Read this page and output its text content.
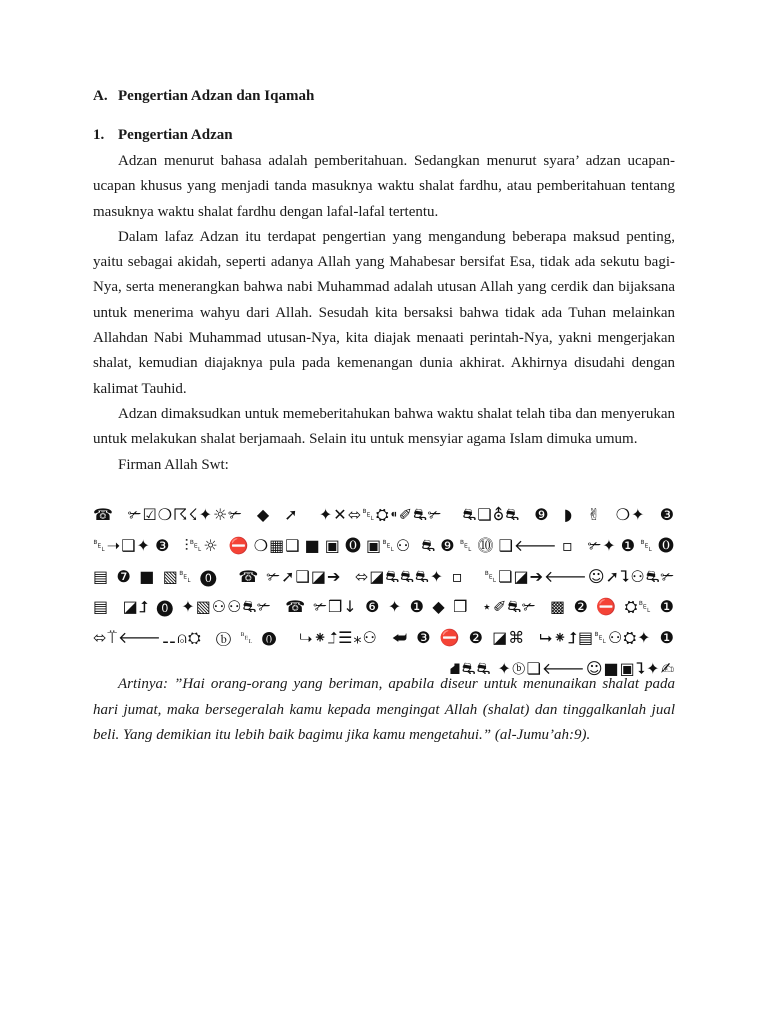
A. Pengertian Adzan dan Iqamah
1. Pengertian Adzan

Adzan menurut bahasa adalah pemberitahuan. Sedangkan menurut syara’ adzan ucapan-ucapan khusus yang menjadi tanda masuknya waktu shalat fardhu, atau pemberitahuan tentang masuknya waktu shalat fardhu dengan lafal-lafal tertentu.

Dalam lafaz Adzan itu terdapat pengertian yang mengandung beberapa maksud penting, yaitu sebagai akidah, seperti adanya Allah yang Mahabesar bersifat Esa, tidak ada sekutu bagi-Nya, serta menerangkan bahwa nabi Muhammad adalah utusan Allah yang cerdik dan bijaksana untuk menerima wahyu dari Allah. Sesudah kita bersaksi bahwa tidak ada Tuhan melainkan Allahdan Nabi Muhammad utusan-Nya, kita diajak menaati perintah-Nya, yakni mengerjakan shalat, kemudian diajaknya pula pada kemenangan dunia akhirat. Akhirnya disudahi dengan kalimat Tauhid.

Adzan dimaksudkan untuk memeberitahukan bahwa waktu shalat telah tiba dan menyerukan untuk melakukan shalat berjamaah. Selain itu untuk mensyiar agama Islam dimuka umum.

Firman Allah Swt:

☎✃☑❍☈☇✦☼✃◆➚ ✦✕⬄␇⛭⁌✐⛐✃ ⛐❏⛢⛐❾◗✌❍✦❸
␇➝❑✦❸ ⫶␇☼ ⛔❍▦❑■▣⓿▣␇⚇ ⛐❾␇⓾❑🡐▫ ✃✦❶␇⓿
▤❼■▧␇⓿ ☎✃➚❑◪➔ ⬄◪⛐⛐⛐✦▫ ␇❏◪➔🡐☺➚⮧⚇⛐✃
▤ ◪⮥⓿✦▧⚇⚇⛐✃ ☎✃❒↓❻✦❶◆❒ ⋆✐⛐✃ ▩❷⛔⛭␇❶
⬄⍡🡐⚋⍝⛭ ⓑ␇⓿ ⮡⁕⮥☰⁎⚇ ⮨❸⛔❷◪⌘ ⮡⁕⮥▤␇⚇⛭✦❶
⛘⛐⛐ ✦ⓑ❏🡐☺■▣⮧✦✍

Artinya: ”Hai orang-orang yang beriman, apabila diseur untuk menunaikan shalat pada hari jumat, maka bersegeralah kamu kepada mengingat Allah (shalat) dan tinggalkanlah jual beli. Yang demikian itu lebih baik bagimu jika kamu mengetahui.” (al-Jumu’ah:9).
